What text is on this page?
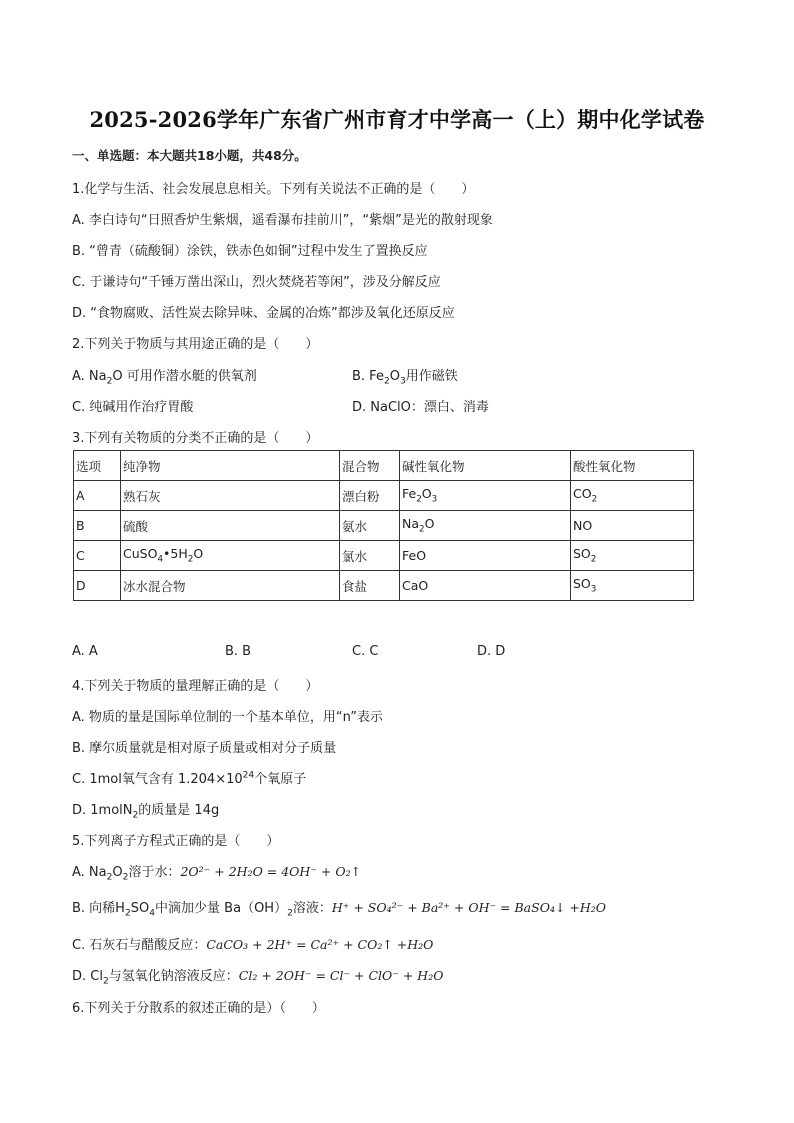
2025-2026学年广东省广州市育才中学高一（上）期中化学试卷
一、单选题：本大题共18小题，共48分。
1.化学与生活、社会发展息息相关。下列有关说法不正确的是（　　）
A. 李白诗句“日照香炉生紫烟，遥看瀑布挂前川”，“紫烟”是光的散射现象
B. “曾青（硫酸铜）涂铁，铁赤色如铜”过程中发生了置换反应
C. 于谦诗句“千锤万凿出深山，烈火焚烧若等闲”，涉及分解反应
D. “食物腐败、活性炭去除异味、金属的冶炼”都涉及氧化还原反应
2.下列关于物质与其用途正确的是（　　）
A. $Na_2O$ 可用作潜水艇的供氧剂	B. $Fe_2O_3$用作磁铁
C. 纯碱用作治疗胃酸	D. NaClO：漂白、消毒
3.下列有关物质的分类不正确的是（　　）
选项	纯净物	混合物	碱性氧化物	酸性氧化物
A	熟石灰	漂白粉	$Fe_2O_3$	$CO_2$
B	硫酸	氨水	$Na_2O$	NO
C	$CuSO_4•5H_2O$	氯水	FeO	$SO_2$
D	冰水混合物	食盐	CaO	$SO_3$
A. A	B. B	C. C	D. D
4.下列关于物质的量理解正确的是（　　）
A. 物质的量是国际单位制的一个基本单位，用“n”表示
B. 摩尔质量就是相对原子质量或相对分子质量
C. 1mol氧气含有 $1.204\times 10^{24}$个氧原子
D. 1molN$_2$的质量是 14g
5.下列离子方程式正确的是（　　）
A. $Na_2O_2$溶于水：2O²⁻ + 2H₂O = 4OH⁻ + O₂↑
B. 向稀$H_2SO_4$中滴加少量 $Ba(OH)_2$溶液：H⁺ + SO₄²⁻ + Ba²⁺ + OH⁻ = BaSO₄↓ +H₂O
C. 石灰石与醋酸反应：CaCO₃ + 2H⁺ = Ca²⁺ + CO₂↑ +H₂O
D. $Cl_2$与氢氧化钠溶液反应：Cl₂ + 2OH⁻ = Cl⁻ + ClO⁻ + H₂O
6.下列关于分散系的叙述正确的是）（　　）
